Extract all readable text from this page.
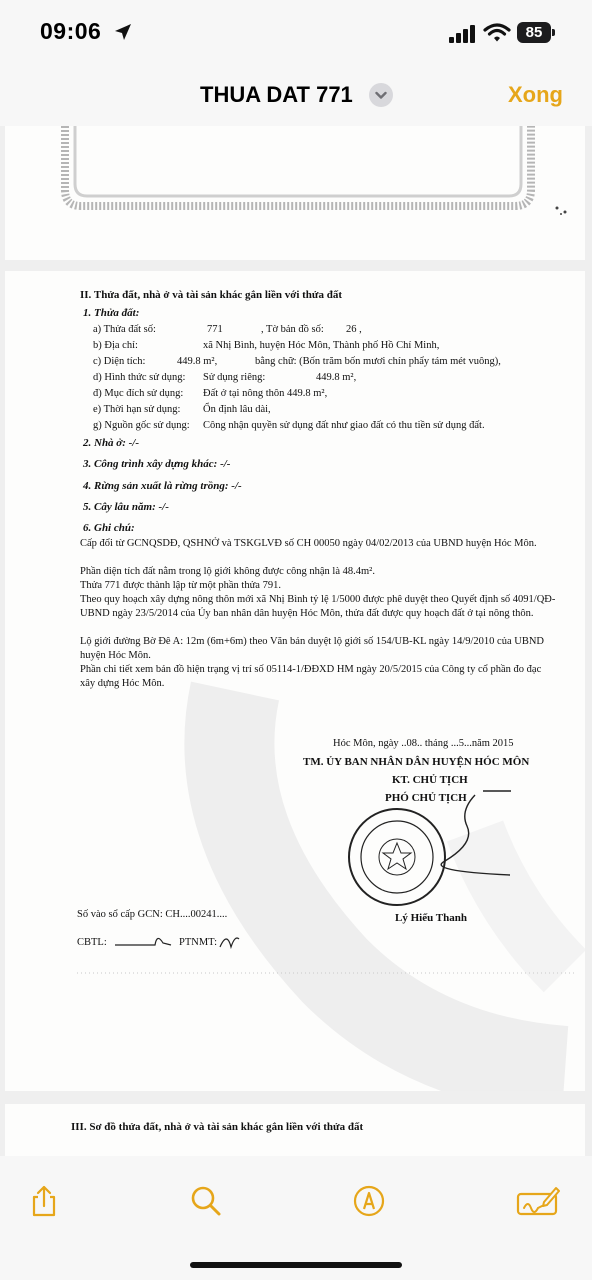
09:06	85
THUA DAT 771	Xong
II. Thửa đất, nhà ở và tài sản khác gắn liền với thửa đất
1. Thửa đất:
a) Thửa đất số:	771	, Tờ bản đồ số: 26 ,
b) Địa chỉ:	xã Nhị Bình, huyện Hóc Môn, Thành phố Hồ Chí Minh,
c) Diện tích:	449.8 m²,	bằng chữ: (Bốn trăm bốn mươi chín phẩy tám mét vuông),
d) Hình thức sử dụng: Sử dụng riêng:	449.8 m²,
đ) Mục đích sử dụng: Đất ở tại nông thôn 449.8 m²,
e) Thời hạn sử dụng: Ổn định lâu dài,
g) Nguồn gốc sử dụng: Công nhận quyền sử dụng đất như giao đất có thu tiền sử dụng đất.
2. Nhà ở: -/-
3. Công trình xây dựng khác: -/-
4. Rừng sản xuất là rừng trồng: -/-
5. Cây lâu năm: -/-
6. Ghi chú:
Cấp đổi từ GCNQSDĐ, QSHNỞ và TSKGLVĐ số CH 00050 ngày 04/02/2013 của UBND huyện Hóc Môn.
Phần diện tích đất nằm trong lộ giới không được công nhận là 48.4m².
Thửa 771 được thành lập từ một phần thửa 791.
Theo quy hoạch xây dựng nông thôn mới xã Nhị Bình tỷ lệ 1/5000 được phê duyệt theo Quyết định số 4091/QĐ-UBND ngày 23/5/2014 của Ủy ban nhân dân huyện Hóc Môn, thửa đất được quy hoạch đất ở tại nông thôn.
Lộ giới đường Bờ Đê A: 12m (6m+6m) theo Văn bản duyệt lộ giới số 154/UB-KL ngày 14/9/2010 của UBND huyện Hóc Môn.
Phần chi tiết xem bản đồ hiện trạng vị trí số 05114-1/ĐĐXD HM ngày 20/5/2015 của Công ty cổ phần đo đạc xây dựng Hóc Môn.
Hóc Môn, ngày ..08.. tháng ...5...năm 2015
TM. ỦY BAN NHÂN DÂN HUYỆN HÓC MÔN
KT. CHỦ TỊCH
PHÓ CHỦ TỊCH
Lý Hiếu Thanh
Số vào sổ cấp GCN: CH....00241....
CBTL:	PTNMT:
III. Sơ đồ thửa đất, nhà ở và tài sản khác gắn liền với thửa đất
